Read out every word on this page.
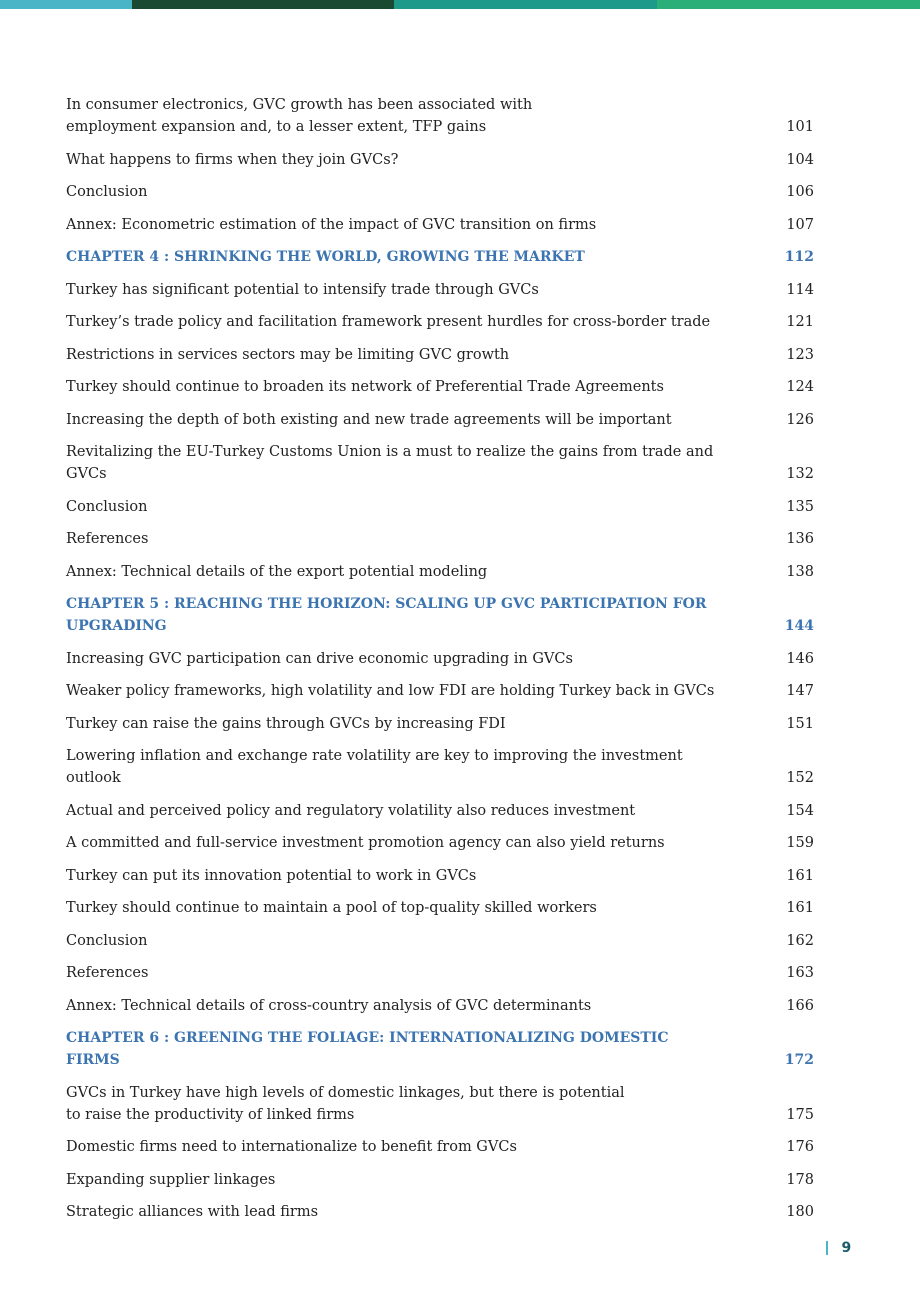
In consumer electronics, GVC growth has been associated with employment expansion and, to a lesser extent, TFP gains	101
What happens to firms when they join GVCs?	104
Conclusion	106
Annex: Econometric estimation of the impact of GVC transition on firms	107
CHAPTER 4 : SHRINKING THE WORLD, GROWING THE MARKET	112
Turkey has significant potential to intensify trade through GVCs	114
Turkey’s trade policy and facilitation framework present hurdles for cross-border trade	121
Restrictions in services sectors may be limiting GVC growth	123
Turkey should continue to broaden its network of Preferential Trade Agreements	124
Increasing the depth of both existing and new trade agreements will be important	126
Revitalizing the EU-Turkey Customs Union is a must to realize the gains from trade and GVCs	132
Conclusion	135
References	136
Annex: Technical details of the export potential modeling	138
CHAPTER 5 : REACHING THE HORIZON: SCALING UP GVC PARTICIPATION FOR UPGRADING	144
Increasing GVC participation can drive economic upgrading in GVCs	146
Weaker policy frameworks, high volatility and low FDI are holding Turkey back in GVCs	147
Turkey can raise the gains through GVCs by increasing FDI	151
Lowering inflation and exchange rate volatility are key to improving the investment outlook	152
Actual and perceived policy and regulatory volatility also reduces investment	154
A committed and full-service investment promotion agency can also yield returns	159
Turkey can put its innovation potential to work in GVCs	161
Turkey should continue to maintain a pool of top-quality skilled workers	161
Conclusion	162
References	163
Annex: Technical details of cross-country analysis of GVC determinants	166
CHAPTER 6 : GREENING THE FOLIAGE: INTERNATIONALIZING DOMESTIC FIRMS	172
GVCs in Turkey have high levels of domestic linkages, but there is potential to raise the productivity of linked firms	175
Domestic firms need to internationalize to benefit from GVCs	176
Expanding supplier linkages	178
Strategic alliances with lead firms	180
9
